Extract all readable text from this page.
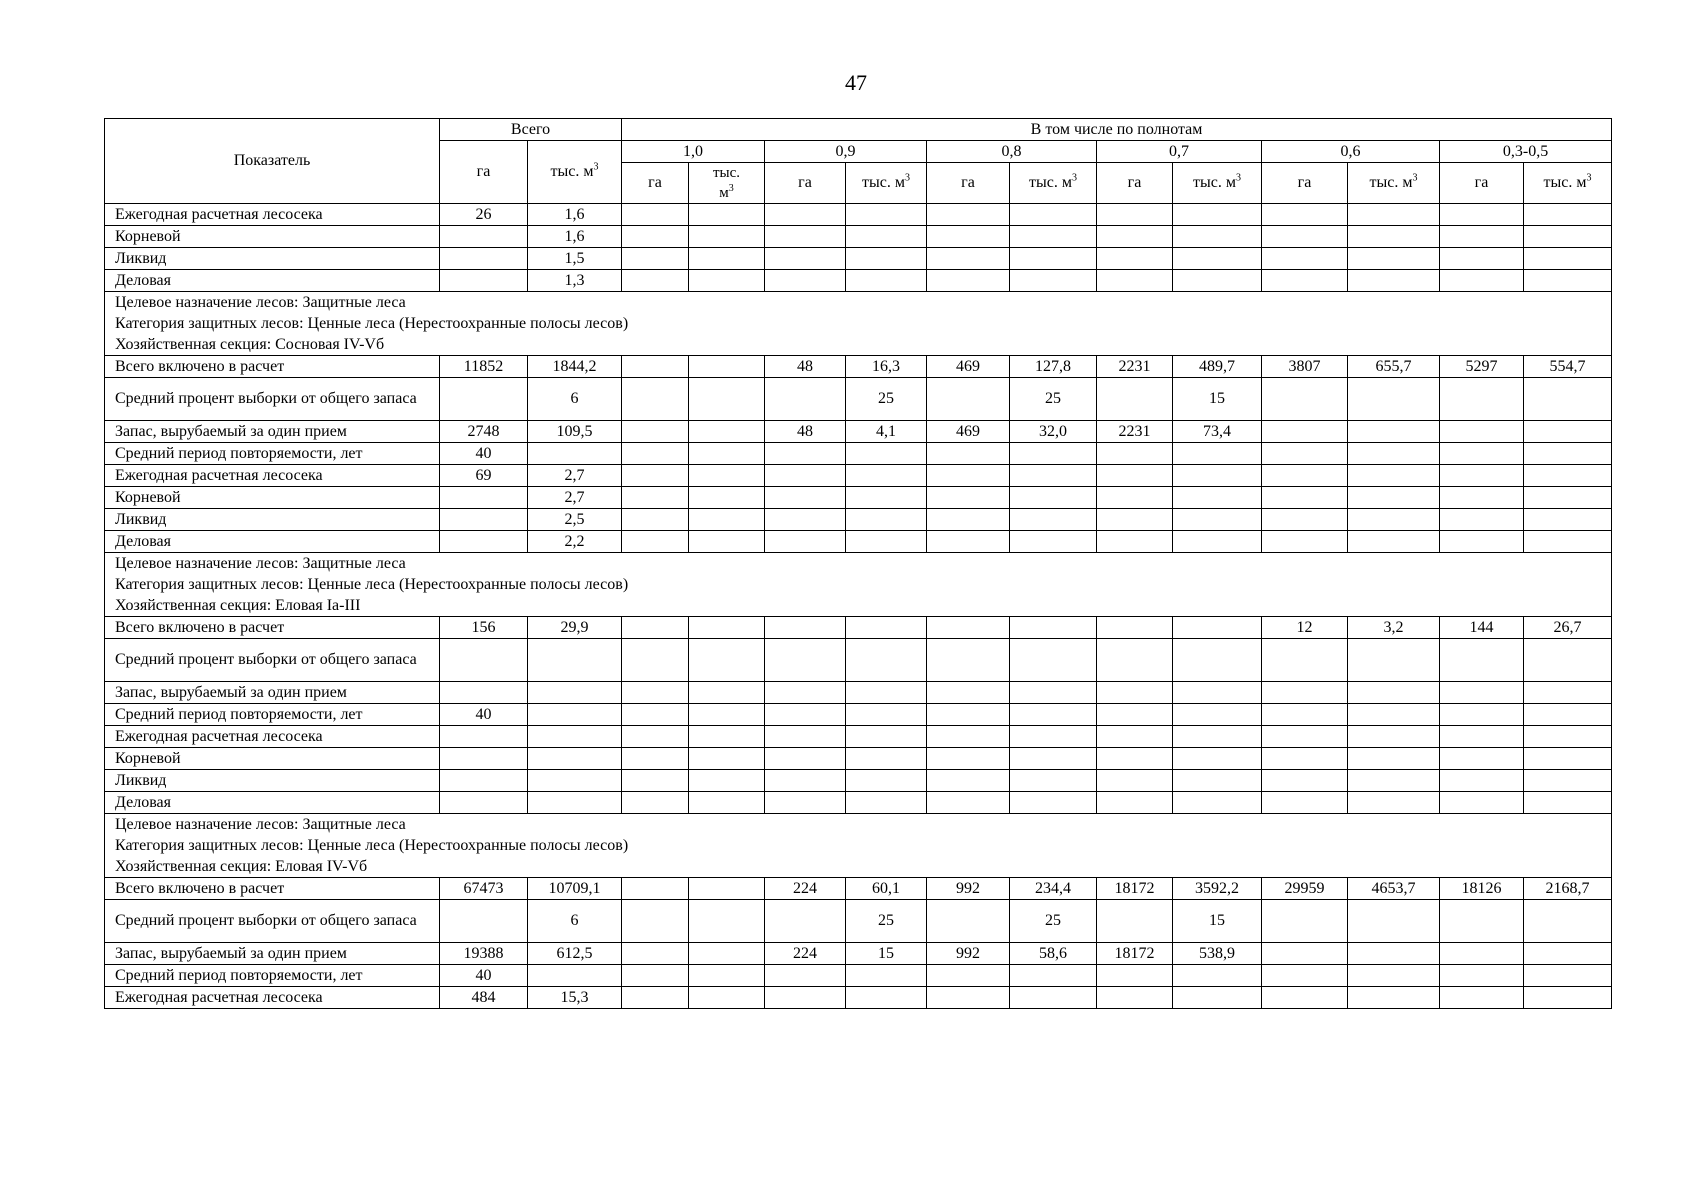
47
Показатель	Всего		В том числе по полнотам											
	га	тыс. $м^3$	1,0		0,9		0,8		0,7		0,6		0,3-0,5	
			га	тыс.
$м^3$	га	тыс. $м^3$	га	тыс. $м^3$	га	тыс. $м^3$	га	тыс. $м^3$	га	тыс. $м^3$
Ежегодная расчетная лесосека	26	1,6												
Корневой		1,6												
Ликвид		1,5												
Деловая		1,3												

Целевое назначение лесов: Защитные леса
Категория защитных лесов: Ценные леса (Нерестоохранные полосы лесов)
Хозяйственная секция: Сосновая IV-Vб														

Всего включено в расчет	11852	1844,2			48	16,3	469	127,8	2231	489,7	3807	655,7	5297	554,7
Средний процент выборки от общего запаса		6				25		25		15				
Запас, вырубаемый за один прием	2748	109,5			48	4,1	469	32,0	2231	73,4				
Средний период повторяемости, лет	40													
Ежегодная расчетная лесосека	69	2,7												
Корневой		2,7												
Ликвид		2,5												
Деловая		2,2												

Целевое назначение лесов: Защитные леса
Категория защитных лесов: Ценные леса (Нерестоохранные полосы лесов)
Хозяйственная секция: Еловая Ia-III														

Всего включено в расчет	156	29,9									12	3,2	144	26,7
Средний процент выборки от общего запаса														
Запас, вырубаемый за один прием														
Средний период повторяемости, лет	40													
Ежегодная расчетная лесосека														
Корневой														
Ликвид														
Деловая														

Целевое назначение лесов: Защитные леса
Категория защитных лесов: Ценные леса (Нерестоохранные полосы лесов)
Хозяйственная секция: Еловая IV-Vб														

Всего включено в расчет	67473	10709,1			224	60,1	992	234,4	18172	3592,2	29959	4653,7	18126	2168,7
Средний процент выборки от общего запаса		6				25		25		15				
Запас, вырубаемый за один прием	19388	612,5			224	15	992	58,6	18172	538,9				
Средний период повторяемости, лет	40													
Ежегодная расчетная лесосека	484	15,3												
